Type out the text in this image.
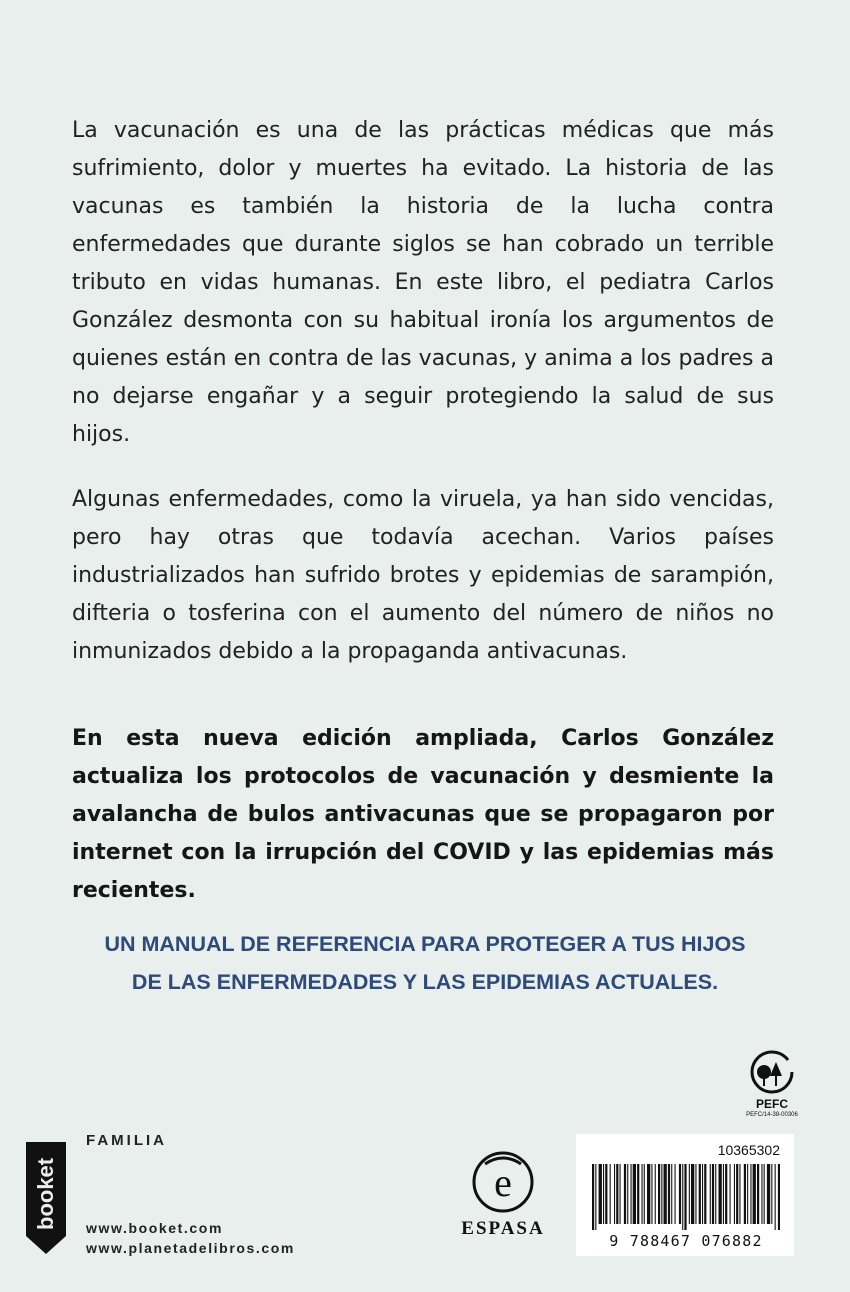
La vacunación es una de las prácticas médicas que más sufrimiento, dolor y muertes ha evitado. La historia de las vacunas es también la historia de la lucha contra enfermedades que durante siglos se han cobrado un terrible tributo en vidas humanas. En este libro, el pediatra Carlos González desmonta con su habitual ironía los argumentos de quienes están en contra de las vacunas, y anima a los padres a no dejarse engañar y a seguir protegiendo la salud de sus hijos.

Algunas enfermedades, como la viruela, ya han sido vencidas, pero hay otras que todavía acechan. Varios países industrializados han sufrido brotes y epidemias de sarampión, difteria o tosferina con el aumento del número de niños no inmunizados debido a la propaganda antivacunas.

En esta nueva edición ampliada, Carlos González actualiza los protocolos de vacunación y desmiente la avalancha de bulos antivacunas que se propagaron por internet con la irrupción del COVID y las epidemias más recientes.

UN MANUAL DE REFERENCIA PARA PROTEGER A TUS HIJOS
DE LAS ENFERMEDADES Y LAS EPIDEMIAS ACTUALES.
booket
FAMILIA
www.booket.com
www.planetadelibros.com
e
ESPASA
PEFC
PEFC/14-38-00306
10365302
9 788467 076882
